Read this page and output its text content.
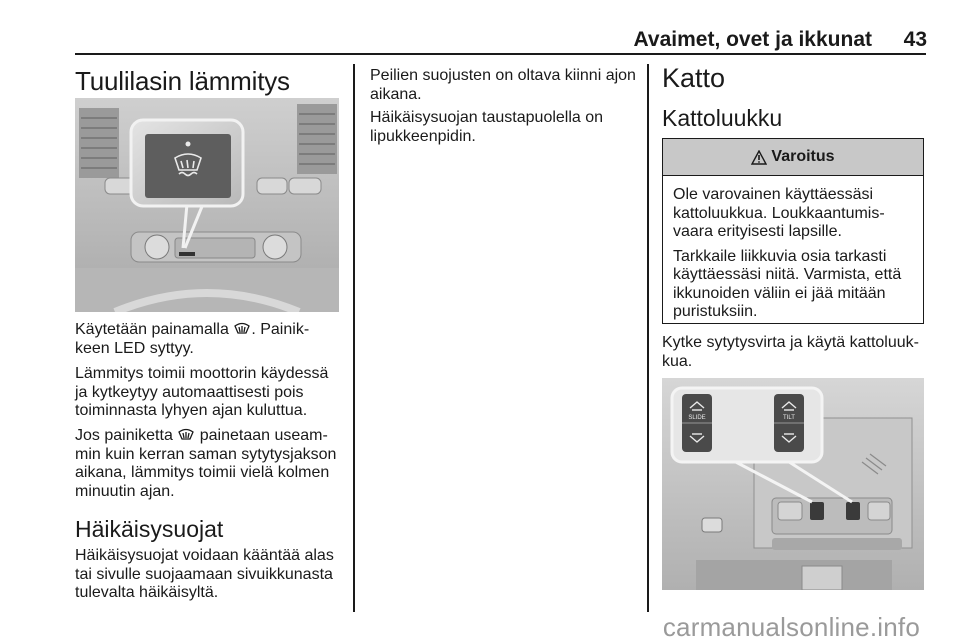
Avaimet, ovet ja ikkunat 43
Tuulilasin lämmitys
Käytetään painamalla . Painik-
keen LED syttyy.
Lämmitys toimii moottorin käydessä
ja kytkeytyy automaattisesti pois
toiminnasta lyhyen ajan kuluttua.
Jos painiketta painetaan useam-
min kuin kerran saman sytytysjakson
aikana, lämmitys toimii vielä kolmen
minuutin ajan.
Häikäisysuojat
Häikäisysuojat voidaan kääntää alas
tai sivulle suojaamaan sivuikkunasta
tulevalta häikäisyltä.
Peilien suojusten on oltava kiinni ajon
aikana.
Häikäisysuojan taustapuolella on
lipukkeenpidin.
Katto
Kattoluukku
Varoitus
Ole varovainen käyttäessäsi
kattoluukkua. Loukkaantumis-
vaara erityisesti lapsille.
Tarkkaile liikkuvia osia tarkasti
käyttäessäsi niitä. Varmista, että
ikkunoiden väliin ei jää mitään
puristuksiin.
Kytke sytytysvirta ja käytä kattoluuk-
kua.
SLIDE	TILT
carmanualsonline.info
